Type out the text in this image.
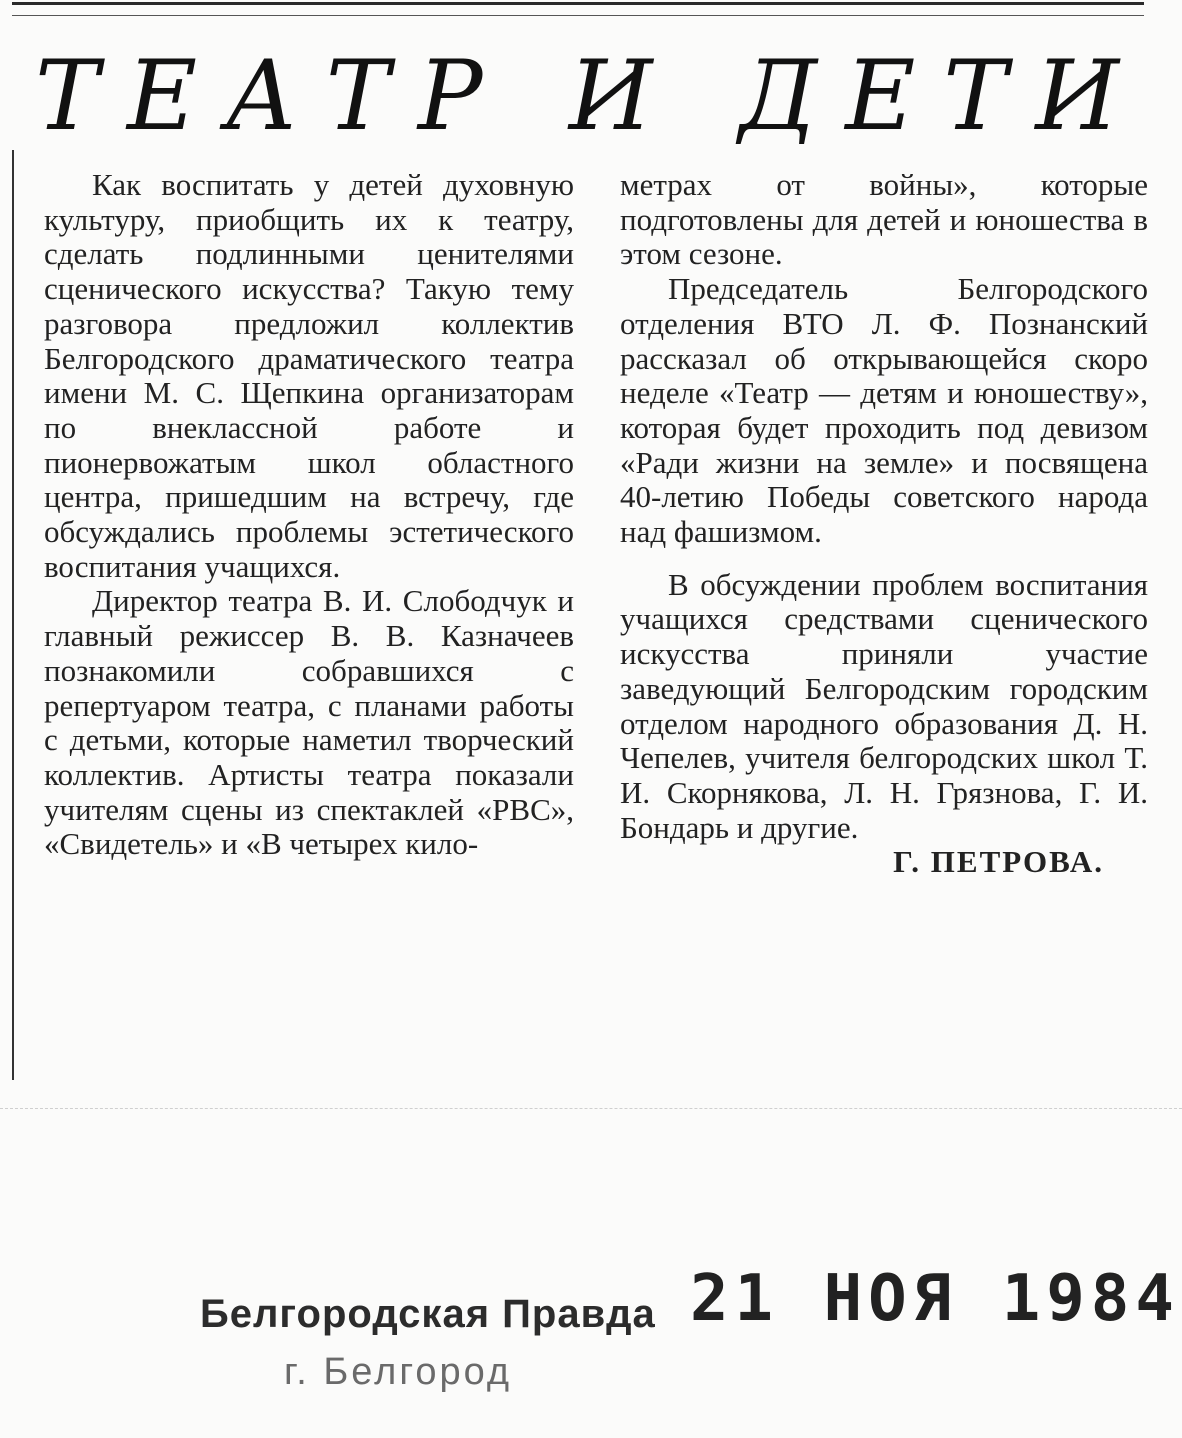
ТЕАТР И ДЕТИ

Как воспитать у детей духовную культуру, приобщить их к театру, сделать подлинными ценителями сценического искусства? Такую тему разговора предложил коллектив Белгородского драматического театра имени М. С. Щепкина организаторам по внеклассной работе и пионервожатым школ областного центра, пришедшим на встречу, где обсуждались проблемы эстетического воспитания учащихся.

Директор театра В. И. Слободчук и главный режиссер В. В. Казначеев познакомили собравшихся с репертуаром театра, с планами работы с детьми, которые наметил творческий коллектив. Артисты театра показали учителям сцены из спектаклей «РВС», «Свидетель» и «В четырех кило-

метрах от войны», которые подготовлены для детей и юношества в этом сезоне.

Председатель Белгородского отделения ВТО Л. Ф. Познанский рассказал об открывающейся скоро неделе «Театр — детям и юношеству», которая будет проходить под девизом «Ради жизни на земле» и посвящена 40-летию Победы советского народа над фашизмом.

В обсуждении проблем воспитания учащихся средствами сценического искусства приняли участие заведующий Белгородским городским отделом народного образования Д. Н. Чепелев, учителя белгородских школ Т. И. Скорнякова, Л. Н. Грязнова, Г. И. Бондарь и другие.

Г. ПЕТРОВА.

Белгородская Правда
г. Белгород
21 НОЯ 1984
